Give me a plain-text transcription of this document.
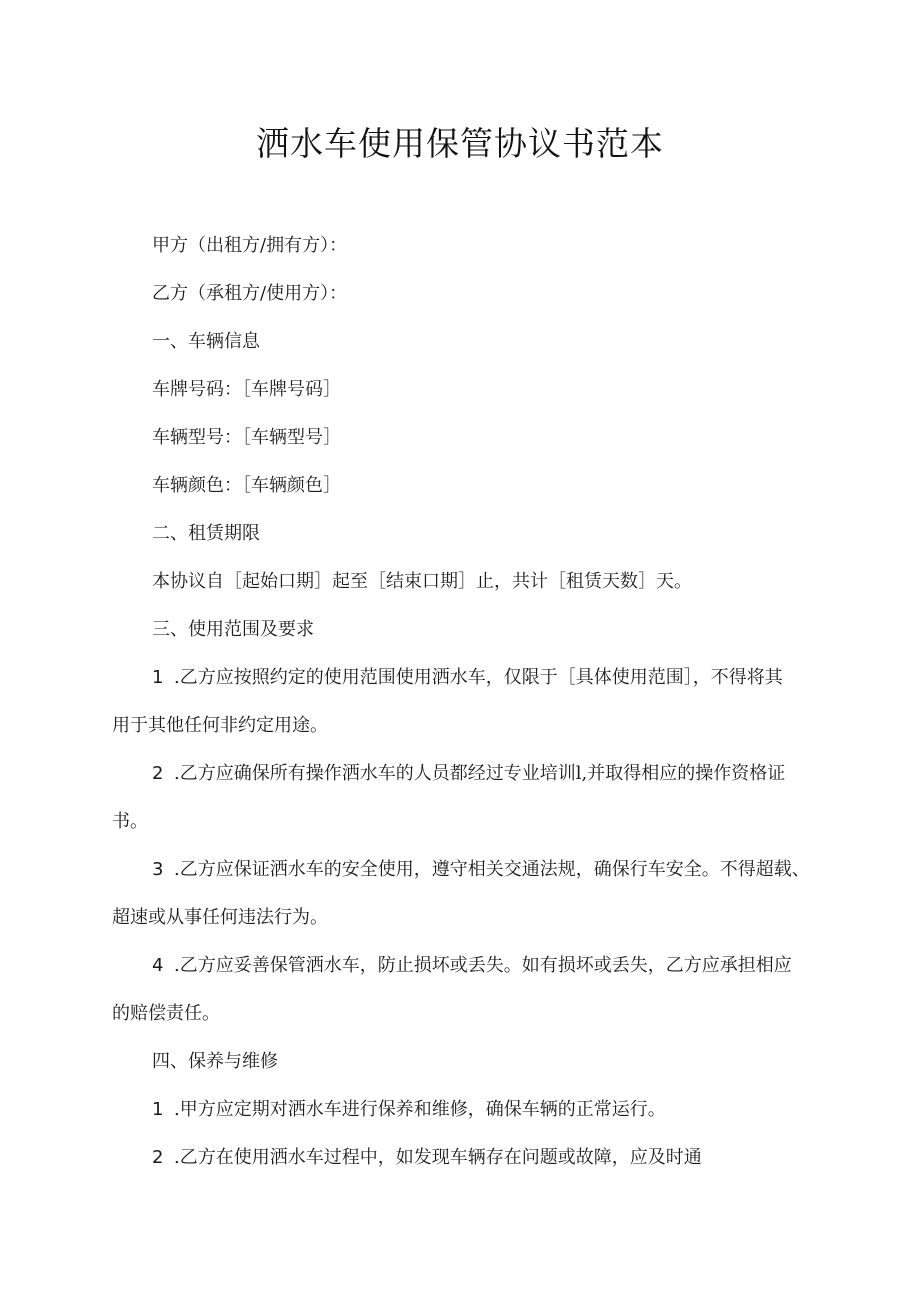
洒水车使用保管协议书范本
甲方（出租方/拥有方）：
乙方（承租方/使用方）：
一、车辆信息
车牌号码：［车牌号码］
车辆型号：［车辆型号］
车辆颜色：［车辆颜色］
二、租赁期限
本协议自［起始口期］起至［结束口期］止，共计［租赁天数］天。
三、使用范围及要求
1 .乙方应按照约定的使用范围使用洒水车，仅限于［具体使用范围］，不得将其
用于其他任何非约定用途。
2 .乙方应确保所有操作洒水车的人员都经过专业培训l,并取得相应的操作资格证
书。
3 .乙方应保证洒水车的安全使用，遵守相关交通法规，确保行车安全。不得超载、
超速或从事任何违法行为。
4 .乙方应妥善保管洒水车，防止损坏或丢失。如有损坏或丢失，乙方应承担相应
的赔偿责任。
四、保养与维修
1 .甲方应定期对洒水车进行保养和维修，确保车辆的正常运行。
2 .乙方在使用洒水车过程中，如发现车辆存在问题或故障，应及时通
